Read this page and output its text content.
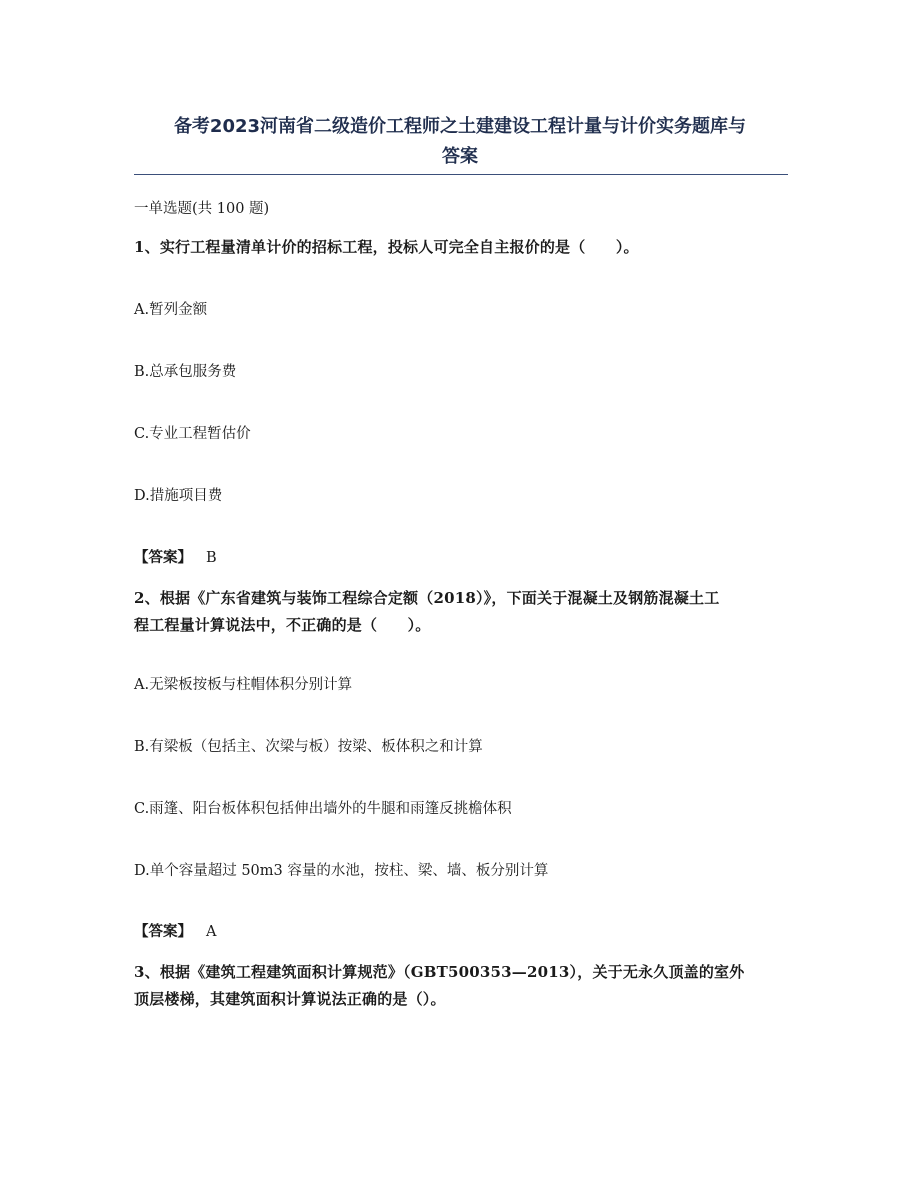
备考2023河南省二级造价工程师之土建建设工程计量与计价实务题库与
答案
一单选题(共 100 题)
1、实行工程量清单计价的招标工程，投标人可完全自主报价的是（　　）。
A.暂列金额
B.总承包服务费
C.专业工程暂估价
D.措施项目费
【答案】 B
2、根据《广东省建筑与装饰工程综合定额（2018）》，下面关于混凝土及钢筋混凝土工
程工程量计算说法中，不正确的是（　　）。
A.无梁板按板与柱帽体积分别计算
B.有梁板（包括主、次梁与板）按梁、板体积之和计算
C.雨篷、阳台板体积包括伸出墙外的牛腿和雨篷反挑檐体积
D.单个容量超过 50m3 容量的水池，按柱、梁、墙、板分别计算
【答案】 A
3、根据《建筑工程建筑面积计算规范》（GBT500353—2013），关于无永久顶盖的室外
顶层楼梯，其建筑面积计算说法正确的是（）。
